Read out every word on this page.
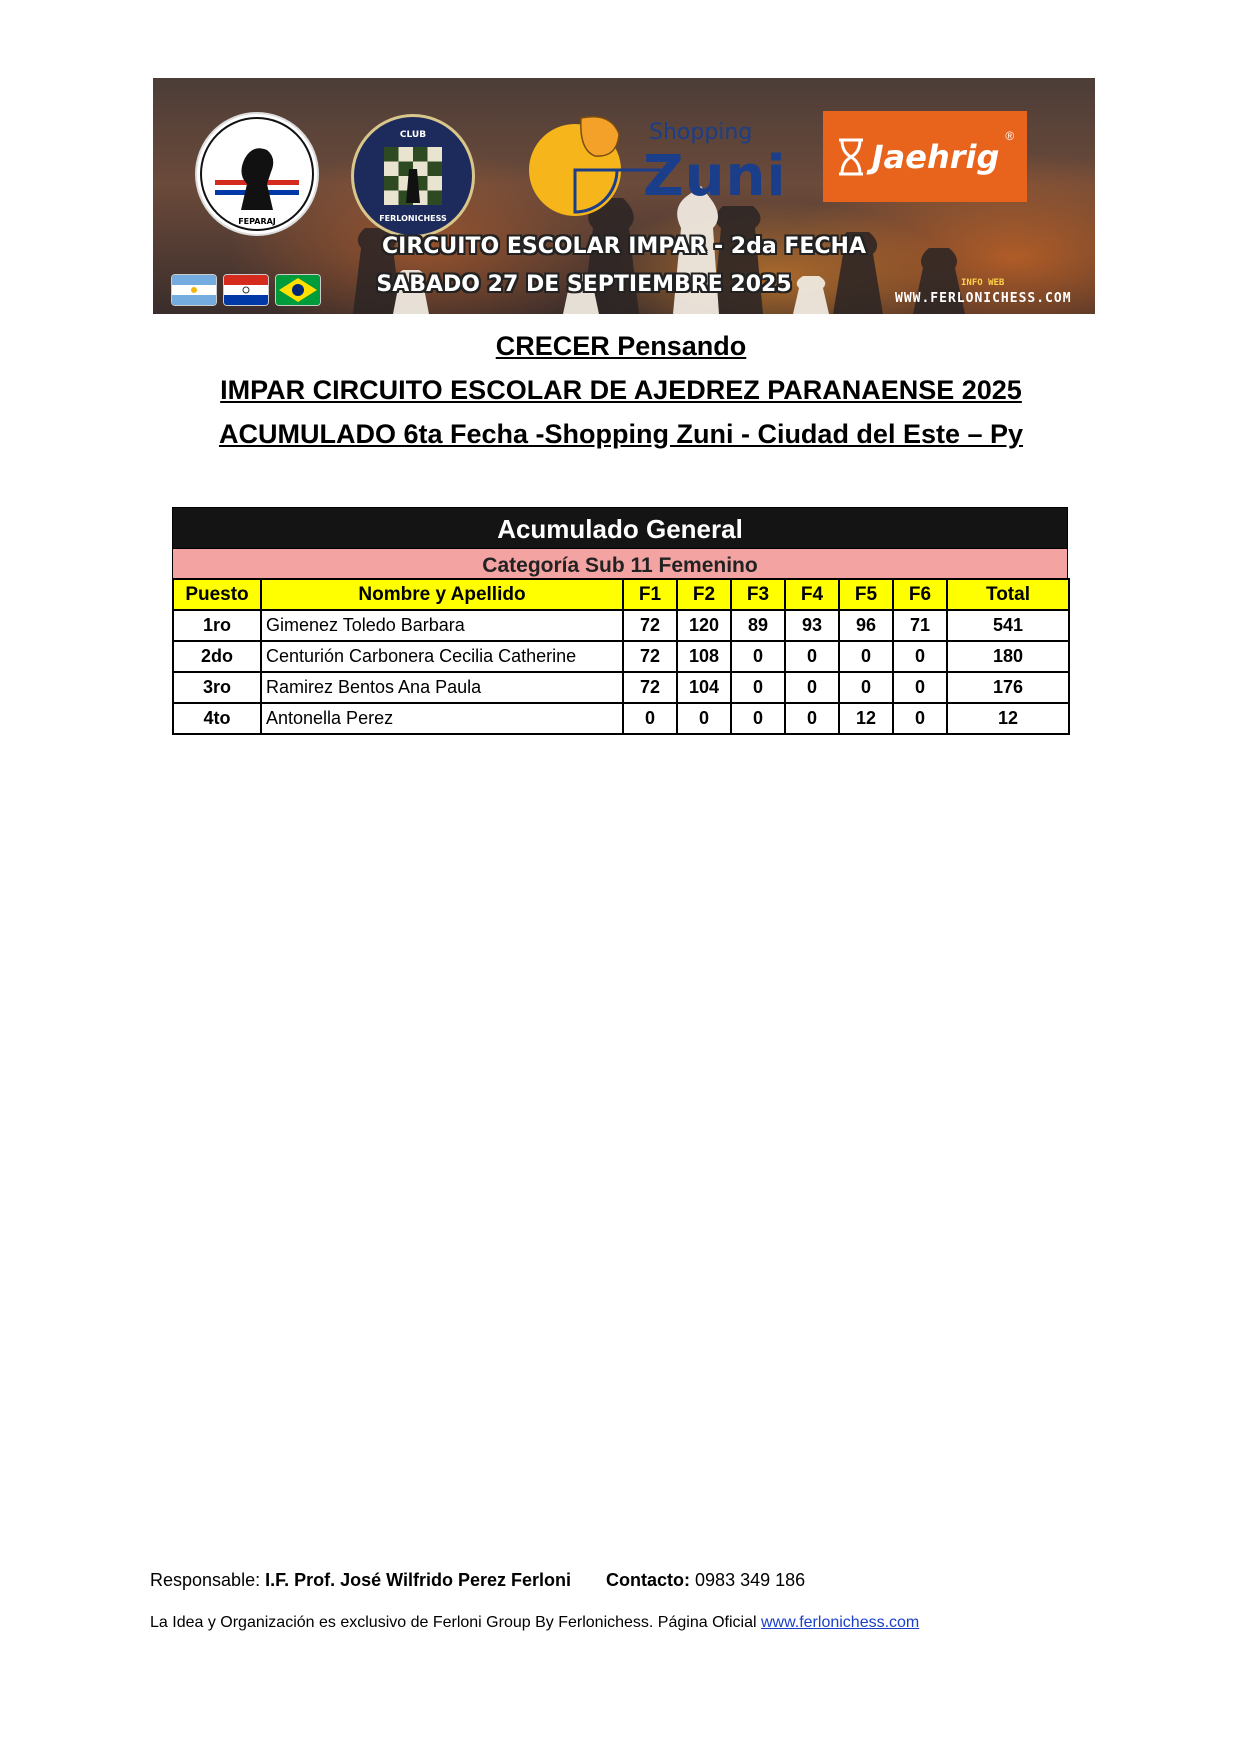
FEPARAJ
CLUB
FERLONICHESS
Shopping
Zuni	Jaehrig
®
CIRCUITO ESCOLAR IMPAR - 2da FECHA
SABADO 27 DE SEPTIEMBRE 2025	INFO WEB
WWW.FERLONICHESS.COM
CRECER Pensando
IMPAR CIRCUITO ESCOLAR DE AJEDREZ PARANAENSE 2025
ACUMULADO 6ta Fecha -Shopping Zuni - Ciudad del Este – Py
Acumulado General
Categoría Sub 11 Femenino
Puesto	Nombre y Apellido	F1	F2	F3	F4	F5	F6	Total
1ro	Gimenez Toledo Barbara	72	120	89	93	96	71	541
2do	Centurión Carbonera Cecilia Catherine	72	108	0	0	0	0	180
3ro	Ramirez Bentos Ana Paula	72	104	0	0	0	0	176
4to	Antonella Perez	0	0	0	0	12	0	12
Responsable: I.F. Prof. José Wilfrido Perez Ferloni Contacto: 0983 349 186
La Idea y Organización es exclusivo de Ferloni Group By Ferlonichess. Página Oficial www.ferlonichess.com
